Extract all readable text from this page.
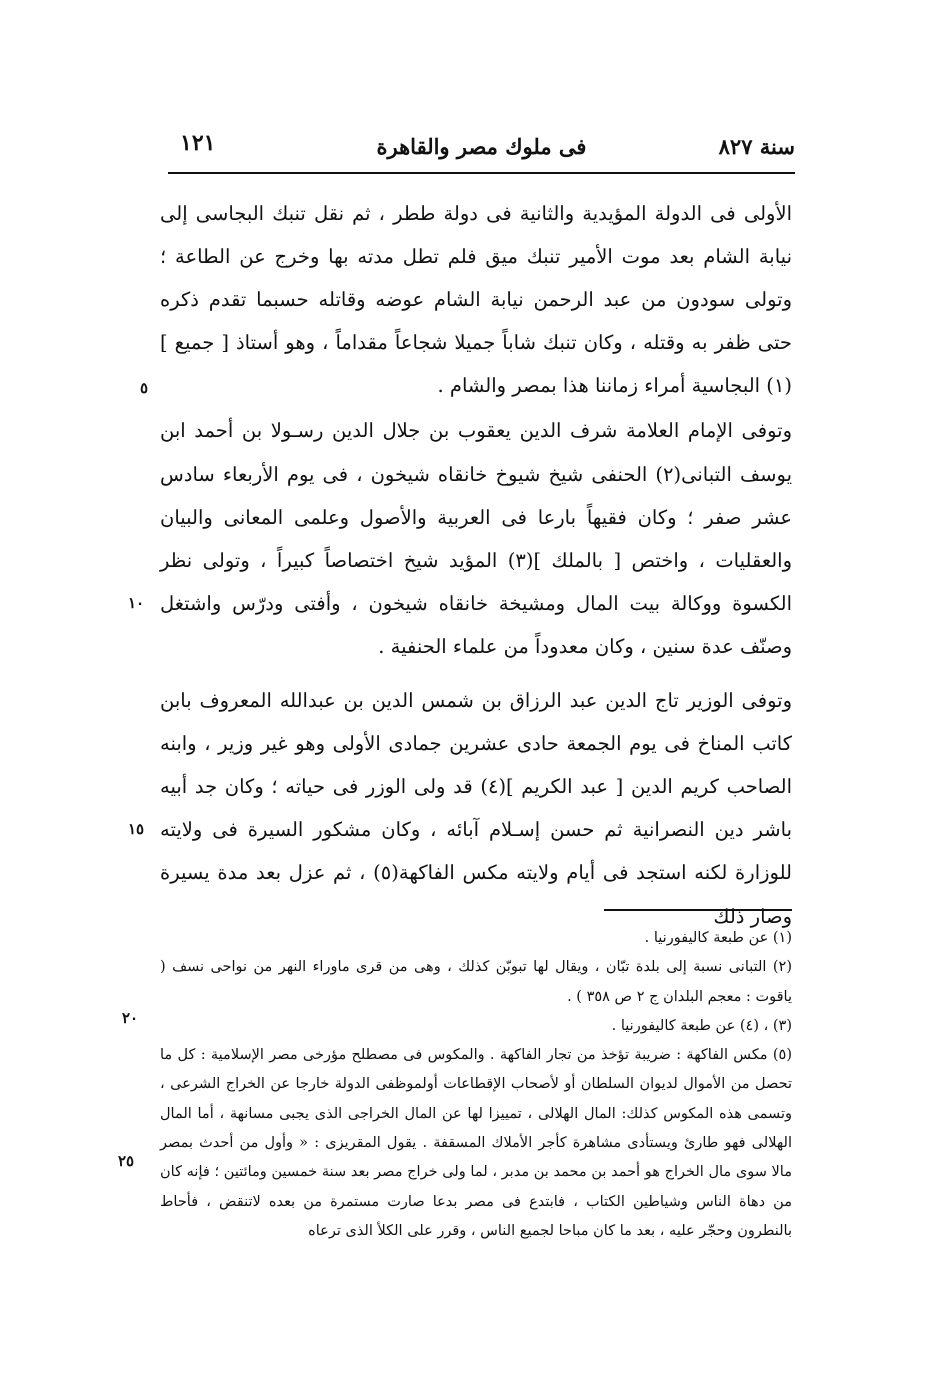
سنة ٨٢٧
فى ملوك مصر والقاهرة
١٢١

الأولى فى الدولة المؤيدية والثانية فى دولة ططر ، ثم نقل تنبك البجاسى إلى نيابة الشام بعد موت الأمير تنبك ميق فلم تطل مدته بها وخرج عن الطاعة ؛ وتولى سودون من عبد الرحمن نيابة الشام عوضه وقاتله حسبما تقدم ذكره حتى ظفر به وقتله ، وكان تنبك شاباً جميلا شجاعاً مقداماً ، وهو أستاذ [ جميع ](١) البجاسية أمراء زماننا هذا بمصر والشام .

وتوفى الإمام العلامة شرف الدين يعقوب بن جلال الدين رسـولا بن أحمد ابن يوسف التبانى(٢) الحنفى شيخ شيوخ خانقاه شيخون ، فى يوم الأربعاء سادس عشر صفر ؛ وكان فقيهاً بارعا فى العربية والأصول وعلمى المعانى والبيان والعقليات ، واختص [ بالملك ](٣) المؤيد شيخ اختصاصاً كبيراً ، وتولى نظر الكسوة ووكالة بيت المال ومشيخة خانقاه شيخون ، وأفتى ودرّس واشتغل وصنّف عدة سنين ، وكان معدوداً من علماء الحنفية .

وتوفى الوزير تاج الدين عبد الرزاق بن شمس الدين بن عبدالله المعروف بابن كاتب المناخ فى يوم الجمعة حادى عشرين جمادى الأولى وهو غير وزير ، وابنه الصاحب كريم الدين [ عبد الكريم ](٤) قد ولى الوزر فى حياته ؛ وكان جد أبيه باشر دين النصرانية ثم حسن إسـلام آبائه ، وكان مشكور السيرة فى ولايته للوزارة لكنه استجد فى أيام ولايته مكس الفاكهة(٥) ، ثم عزل بعد مدة يسيرة وصار ذلك

٥
١٠
١٥
(١) عن طبعة كاليفورنيا .
(٢) التبانى نسبة إلى بلدة تبّان ، ويقال لها تبوبّن كذلك ، وهى من قرى ماوراء النهر من نواحى نسف ( ياقوت : معجم البلدان ج ٢ ص ٣٥٨ ) .
(٣) ، (٤) عن طبعة كاليفورنيا .
(٥) مكس الفاكهة : ضريبة تؤخذ من تجار الفاكهة . والمكوس فى مصطلح مؤرخى مصر الإسلامية : كل ما تحصل من الأموال لديوان السلطان أو لأصحاب الإقطاعات أولموظفى الدولة خارجا عن الخراج الشرعى ، وتسمى هذه المكوس كذلك: المال الهلالى ، تمييزا لها عن المال الخراجى الذى يجبى مسانهة ، أما المال الهلالى فهو طارئ ويستأدى مشاهرة كأجر الأملاك المسقفة . يقول المقريزى : « وأول من أحدث بمصر مالا سوى مال الخراج هو أحمد بن محمد بن مدبر ، لما ولى خراج مصر بعد سنة خمسين ومائتين ؛ فإنه كان من دهاة الناس وشياطين الكتاب ، فابتدع فى مصر بدعا صارت مستمرة من بعده لاتنقض ، فأحاط بالنطرون وحجّر عليه ، بعد ما كان مباحا لجميع الناس ، وقرر على الكلأ الذى ترعاه
٢٠
٢٥
